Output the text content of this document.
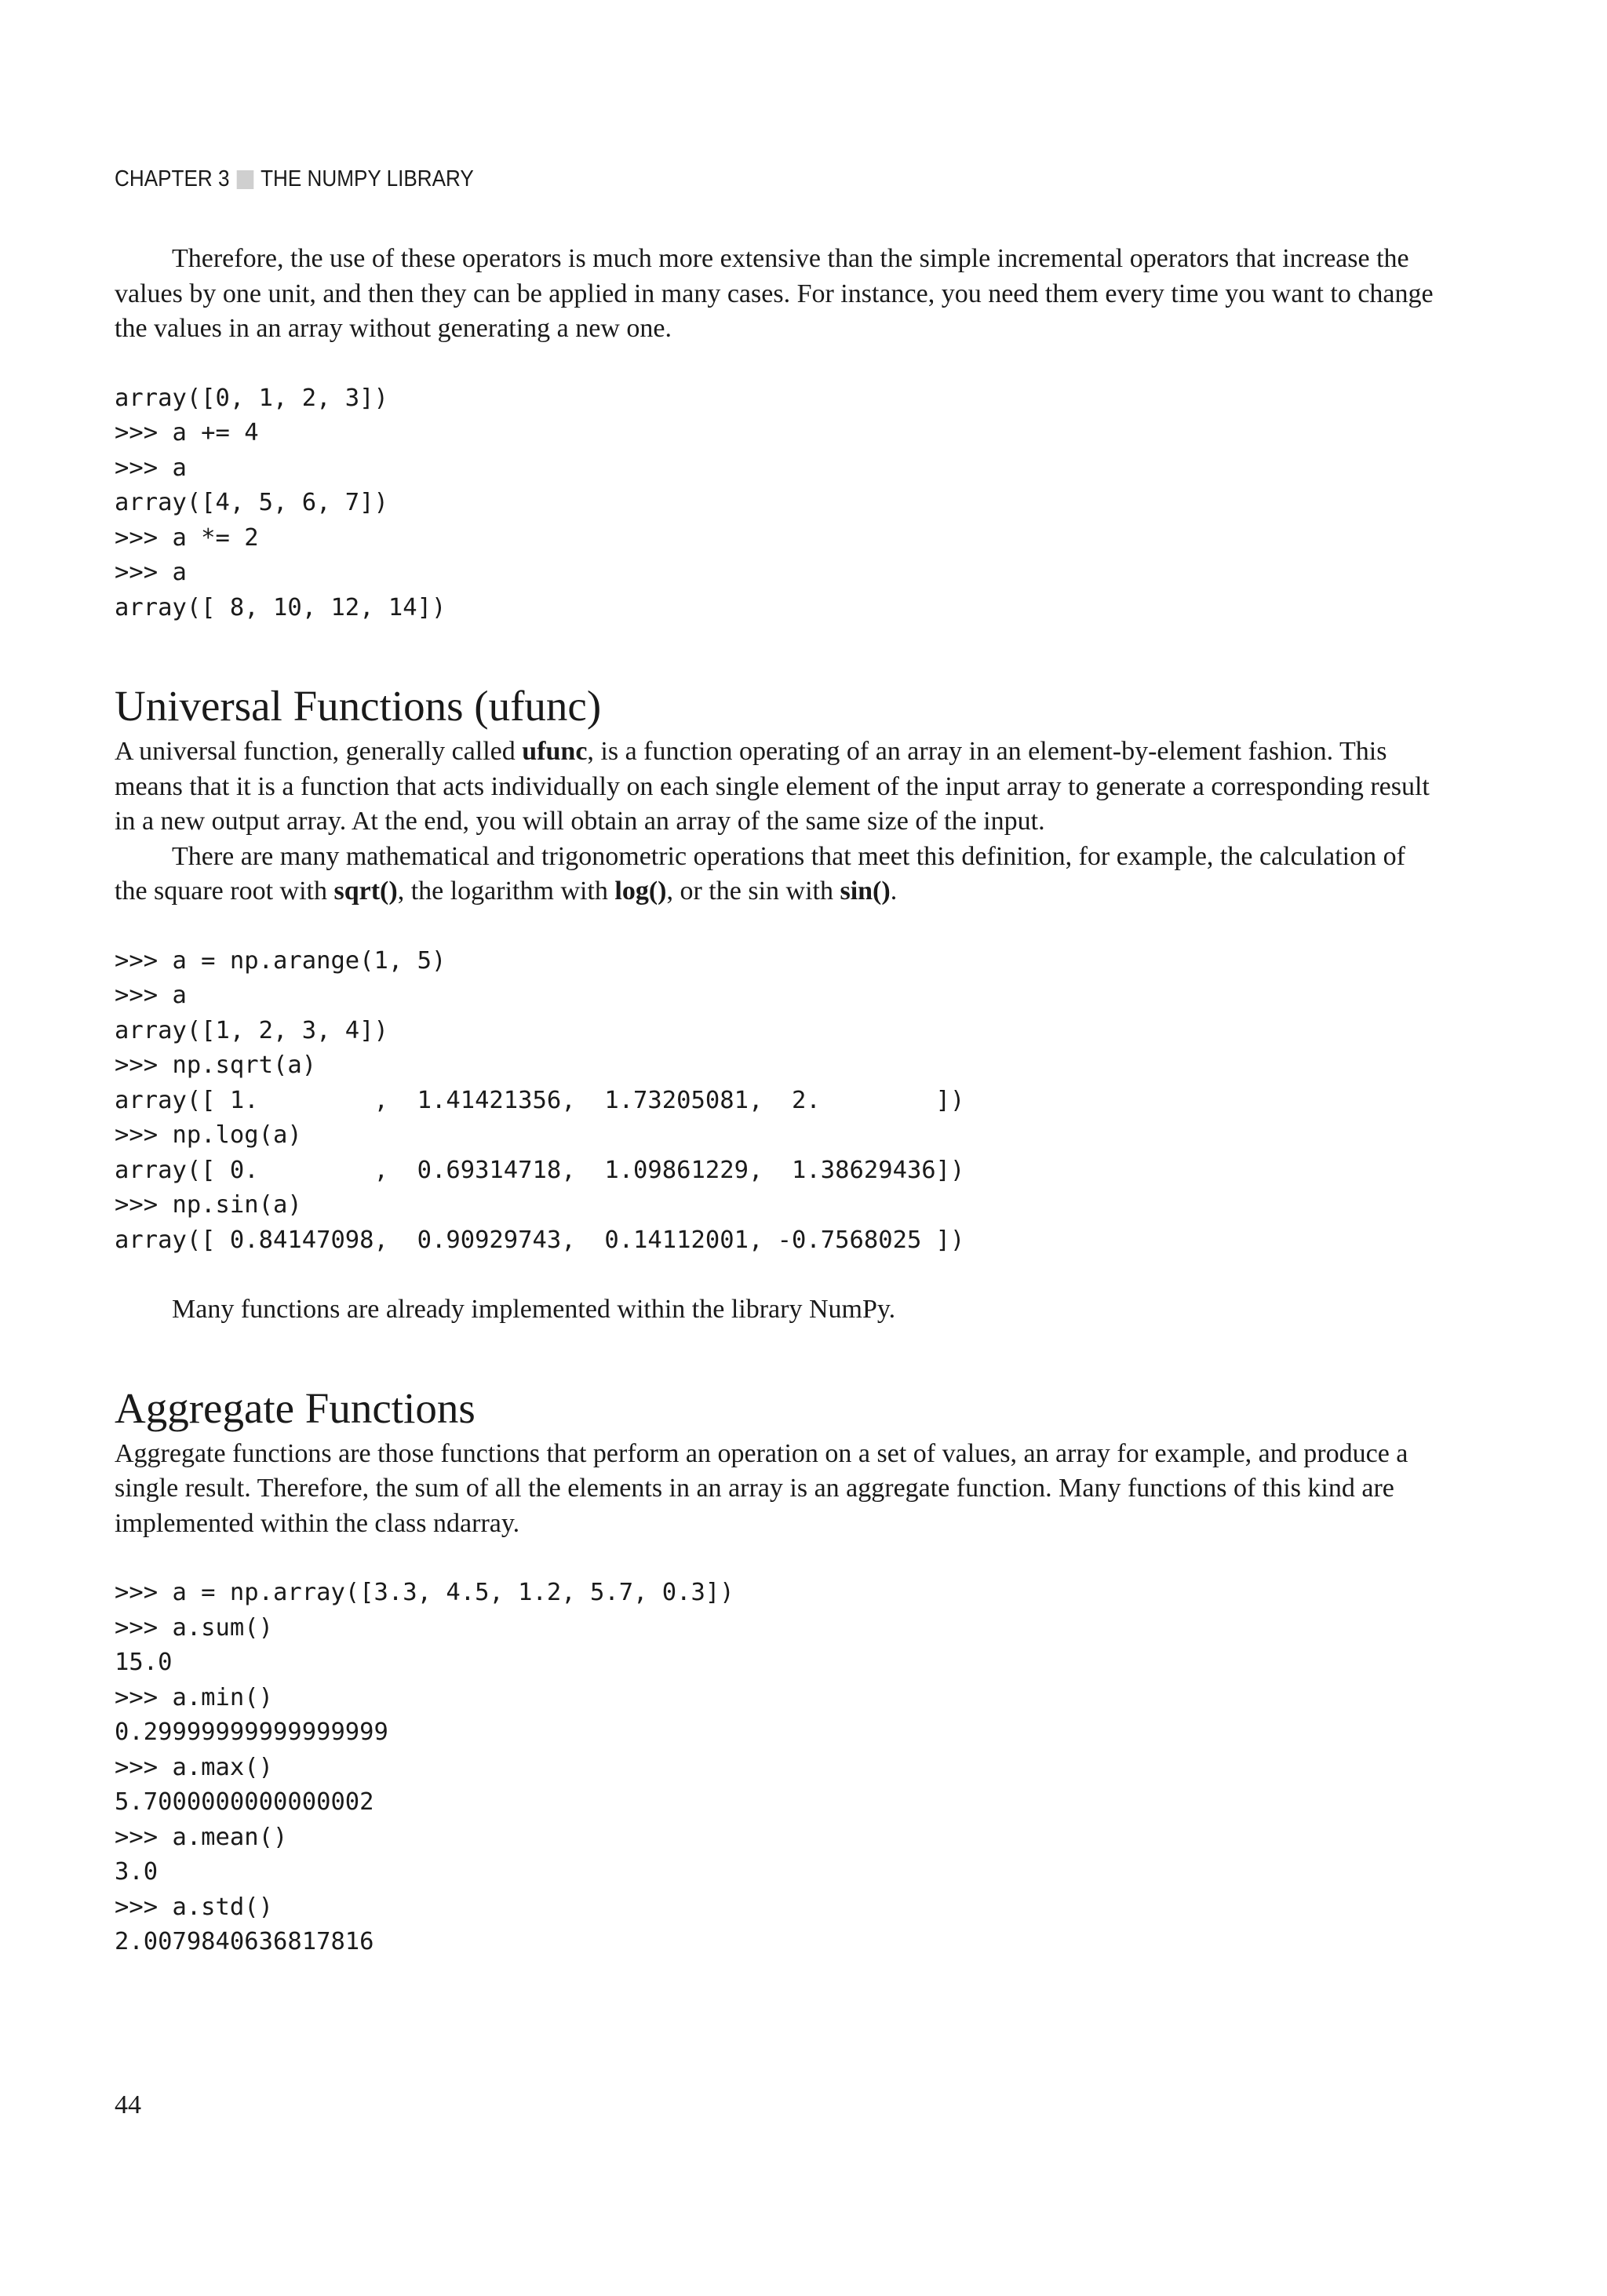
CHAPTER 3 THE NUMPY LIBRARY

Therefore, the use of these operators is much more extensive than the simple incremental operators that increase the values by one unit, and then they can be applied in many cases. For instance, you need them every time you want to change the values in an array without generating a new one.

array([0, 1, 2, 3])
>>> a += 4
>>> a
array([4, 5, 6, 7])
>>> a *= 2
>>> a
array([ 8, 10, 12, 14])
Universal Functions (ufunc)

A universal function, generally called ufunc, is a function operating of an array in an element-by-element fashion. This means that it is a function that acts individually on each single element of the input array to generate a corresponding result in a new output array. At the end, you will obtain an array of the same size of the input.

There are many mathematical and trigonometric operations that meet this definition, for example, the calculation of the square root with sqrt(), the logarithm with log(), or the sin with sin().

>>> a = np.arange(1, 5)
>>> a
array([1, 2, 3, 4])
>>> np.sqrt(a)
array([ 1.        ,  1.41421356,  1.73205081,  2.        ])
>>> np.log(a)
array([ 0.        ,  0.69314718,  1.09861229,  1.38629436])
>>> np.sin(a)
array([ 0.84147098,  0.90929743,  0.14112001, -0.7568025 ])

Many functions are already implemented within the library NumPy.

Aggregate Functions

Aggregate functions are those functions that perform an operation on a set of values, an array for example, and produce a single result. Therefore, the sum of all the elements in an array is an aggregate function. Many functions of this kind are implemented within the class ndarray.

>>> a = np.array([3.3, 4.5, 1.2, 5.7, 0.3])
>>> a.sum()
15.0
>>> a.min()
0.29999999999999999
>>> a.max()
5.7000000000000002
>>> a.mean()
3.0
>>> a.std()
2.0079840636817816
44
